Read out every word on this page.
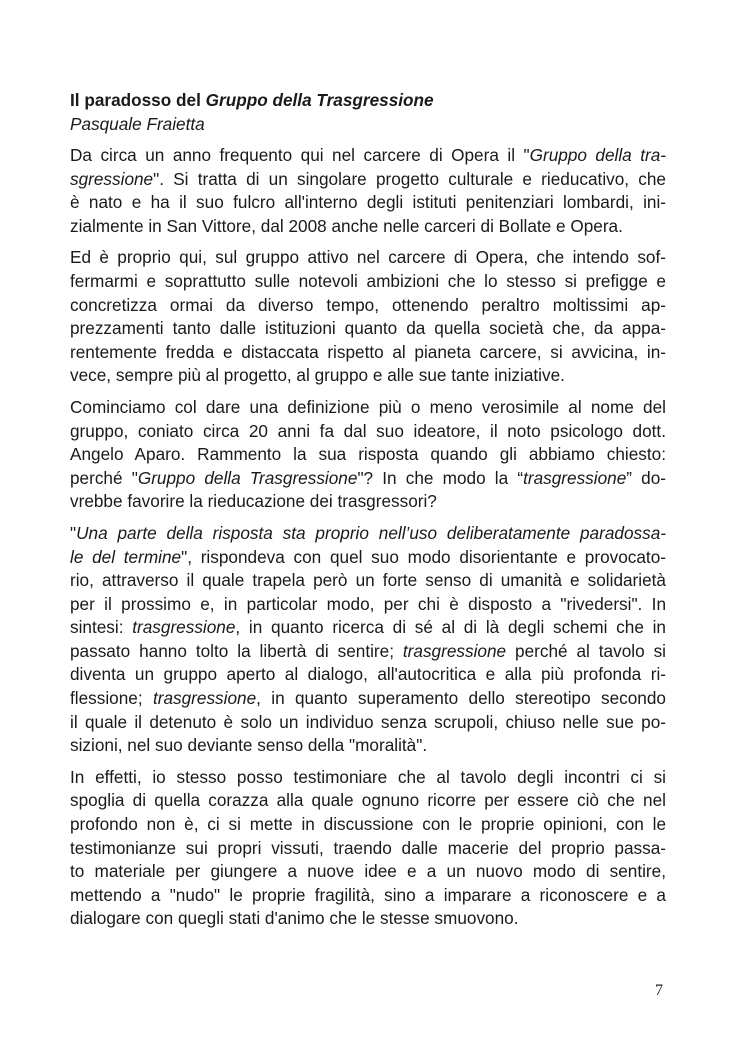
Il paradosso del Gruppo della Trasgressione
Pasquale Fraietta
Da circa un anno frequento qui nel carcere di Opera il "Gruppo della tra-
sgressione". Si tratta di un singolare progetto culturale e rieducativo, che
è nato e ha il suo fulcro all'interno degli istituti penitenziari lombardi, ini-
zialmente in San Vittore, dal 2008 anche nelle carceri di Bollate e Opera.
Ed è proprio qui, sul gruppo attivo nel carcere di Opera, che intendo sof-
fermarmi e soprattutto sulle notevoli ambizioni che lo stesso si prefigge e
concretizza ormai da diverso tempo, ottenendo peraltro moltissimi ap-
prezzamenti tanto dalle istituzioni quanto da quella società che, da appa-
rentemente fredda e distaccata rispetto al pianeta carcere, si avvicina, in-
vece, sempre più al progetto, al gruppo e alle sue tante iniziative.
Cominciamo col dare una definizione più o meno verosimile al nome del
gruppo, coniato circa 20 anni fa dal suo ideatore, il noto psicologo dott.
Angelo Aparo. Rammento la sua risposta quando gli abbiamo chiesto:
perché "Gruppo della Trasgressione"? In che modo la “trasgressione” do-
vrebbe favorire la rieducazione dei trasgressori?
"Una parte della risposta sta proprio nell’uso deliberatamente paradossa-
le del termine", rispondeva con quel suo modo disorientante e provocato-
rio, attraverso il quale trapela però un forte senso di umanità e solidarietà
per il prossimo e, in particolar modo, per chi è disposto a "rivedersi". In
sintesi: trasgressione, in quanto ricerca di sé al di là degli schemi che in
passato hanno tolto la libertà di sentire; trasgressione perché al tavolo si
diventa un gruppo aperto al dialogo, all'autocritica e alla più profonda ri-
flessione; trasgressione, in quanto superamento dello stereotipo secondo
il quale il detenuto è solo un individuo senza scrupoli, chiuso nelle sue po-
sizioni, nel suo deviante senso della "moralità".
In effetti, io stesso posso testimoniare che al tavolo degli incontri ci si
spoglia di quella corazza alla quale ognuno ricorre per essere ciò che nel
profondo non è, ci si mette in discussione con le proprie opinioni, con le
testimonianze sui propri vissuti, traendo dalle macerie del proprio passa-
to materiale per giungere a nuove idee e a un nuovo modo di sentire,
mettendo a "nudo" le proprie fragilità, sino a imparare a riconoscere e a
dialogare con quegli stati d'animo che le stesse smuovono.
7
